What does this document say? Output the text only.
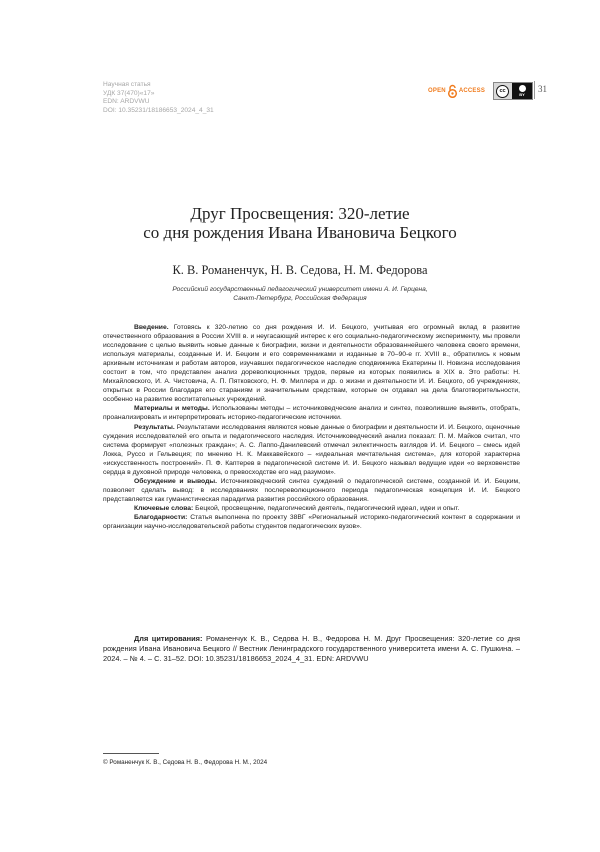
Научная статья
УДК 37(470)«17»
EDN: ARDVWU
DOI: 10.35231/18186653_2024_4_31
OPEN ACCESS	cc
BY
31
Друг Просвещения: 320-летие
со дня рождения Ивана Ивановича Бецкого
К. В. Романенчук, Н. В. Седова, Н. М. Федорова
Российский государственный педагогический университет имени А. И. Герцена,
Санкт-Петербург, Российская Федерация

Введение. Готовясь к 320-летию со дня рождения И. И. Бецкого, учитывая его огромный вклад в развитие отечественного образования в России XVIII в. и неугасающий интерес к его социально-педагогическому эксперименту, мы провели исследование с целью выявить новые данные к биографии, жизни и деятельности образованнейшего человека своего времени, используя материалы, созданные И. И. Бецким и его современниками и изданные в 70–90-е гг. XVIII в., обратились к новым архивным источникам и работам авторов, изучавших педагогическое наследие сподвижника Екатерины II. Новизна исследования состоит в том, что представлен анализ дореволюционных трудов, первые из которых появились в XIX в. Это работы: Н. Михайловского, И. А. Чистовича, А. П. Пятковского, Н. Ф. Миллера и др. о жизни и деятельности И. И. Бецкого, об учреждениях, открытых в России благодаря его стараниям и значительным средствам, которые он отдавал на дела благотворительности, особенно на развитие воспитательных учреждений.

Материалы и методы. Использованы методы – источниковедческие анализ и синтез, позволившие выявить, отобрать, проанализировать и интерпретировать историко-педагогические источники.

Результаты. Результатами исследования являются новые данные о биографии и деятельности И. И. Бецкого, оценочные суждения исследователей его опыта и педагогического наследия. Источниковедческий анализ показал: П. М. Майков считал, что система формирует «полезных граждан»; А. С. Лаппо-Данилевский отмечал эклектичность взглядов И. И. Бецкого – смесь идей Локка, Руссо и Гельвеция; по мнению Н. К. Маккавейского – «идеальная мечтательная система», для которой характерна «искусственность построений». П. Ф. Каптерев в педагогической системе И. И. Бецкого называл ведущие идеи «о верховенстве сердца в духовной природе человека, о превосходстве его над разумом».

Обсуждение и выводы. Источниковедческий синтез суждений о педагогической системе, созданной И. И. Бецким, позволяет сделать вывод: в исследованиях послереволюционного периода педагогическая концепция И. И. Бецкого представляется как гуманистическая парадигма развития российского образования.

Ключевые слова: Бецкой, просвещение, педагогический деятель, педагогический идеал, идеи и опыт.

Благодарности: Статья выполнена по проекту 38ВГ «Региональный историко-педагогический контент в содержании и организации научно-исследовательской работы студентов педагогических вузов».

Для цитирования: Романенчук К. В., Седова Н. В., Федорова Н. М. Друг Просвещения: 320-летие со дня рождения Ивана Ивановича Бецкого // Вестник Ленинградского государственного университета имени А. С. Пушкина. – 2024. – № 4. – С. 31–52. DOI: 10.35231/18186653_2024_4_31. EDN: ARDVWU

© Романенчук К. В., Седова Н. В., Федорова Н. М., 2024
